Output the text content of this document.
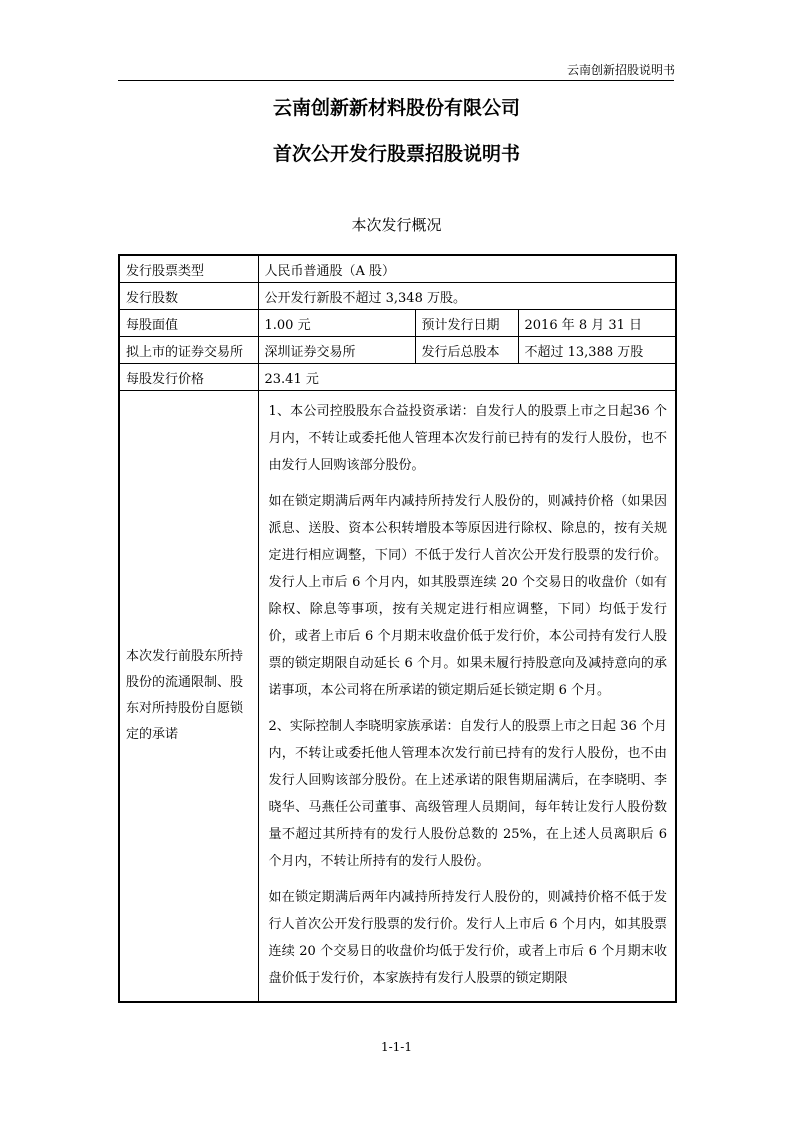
云南创新招股说明书
云南创新新材料股份有限公司
首次公开发行股票招股说明书
本次发行概况
发行股票类型	人民币普通股（A 股）		
发行股数	公开发行新股不超过 3,348 万股。		
每股面值	1.00 元	预计发行日期	2016 年 8 月 31 日
拟上市的证券交易所	深圳证券交易所	发行后总股本	不超过 13,388 万股
每股发行价格	23.41 元		
本次发行前股东所持股份的流通限制、股东对所持股份自愿锁定的承诺	1、本公司控股股东合益投资承诺：自发行人的股票上市之日起36 个月内，不转让或委托他人管理本次发行前已持有的发行人股份，也不由发行人回购该部分股份。

如在锁定期满后两年内减持所持发行人股份的，则减持价格（如果因派息、送股、资本公积转增股本等原因进行除权、除息的，按有关规定进行相应调整，下同）不低于发行人首次公开发行股票的发行价。发行人上市后 6 个月内，如其股票连续 20 个交易日的收盘价（如有除权、除息等事项，按有关规定进行相应调整，下同）均低于发行价，或者上市后 6 个月期末收盘价低于发行价，本公司持有发行人股票的锁定期限自动延长 6 个月。如果未履行持股意向及减持意向的承诺事项，本公司将在所承诺的锁定期后延长锁定期 6 个月。

2、实际控制人李晓明家族承诺：自发行人的股票上市之日起 36 个月内，不转让或委托他人管理本次发行前已持有的发行人股份，也不由发行人回购该部分股份。在上述承诺的限售期届满后，在李晓明、李晓华、马燕任公司董事、高级管理人员期间，每年转让发行人股份数量不超过其所持有的发行人股份总数的 25%，在上述人员离职后 6 个月内，不转让所持有的发行人股份。

如在锁定期满后两年内减持所持发行人股份的，则减持价格不低于发行人首次公开发行股票的发行价。发行人上市后 6 个月内，如其股票连续 20 个交易日的收盘价均低于发行价，或者上市后 6 个月期末收盘价低于发行价，本家族持有发行人股票的锁定期限		

1-1-1
